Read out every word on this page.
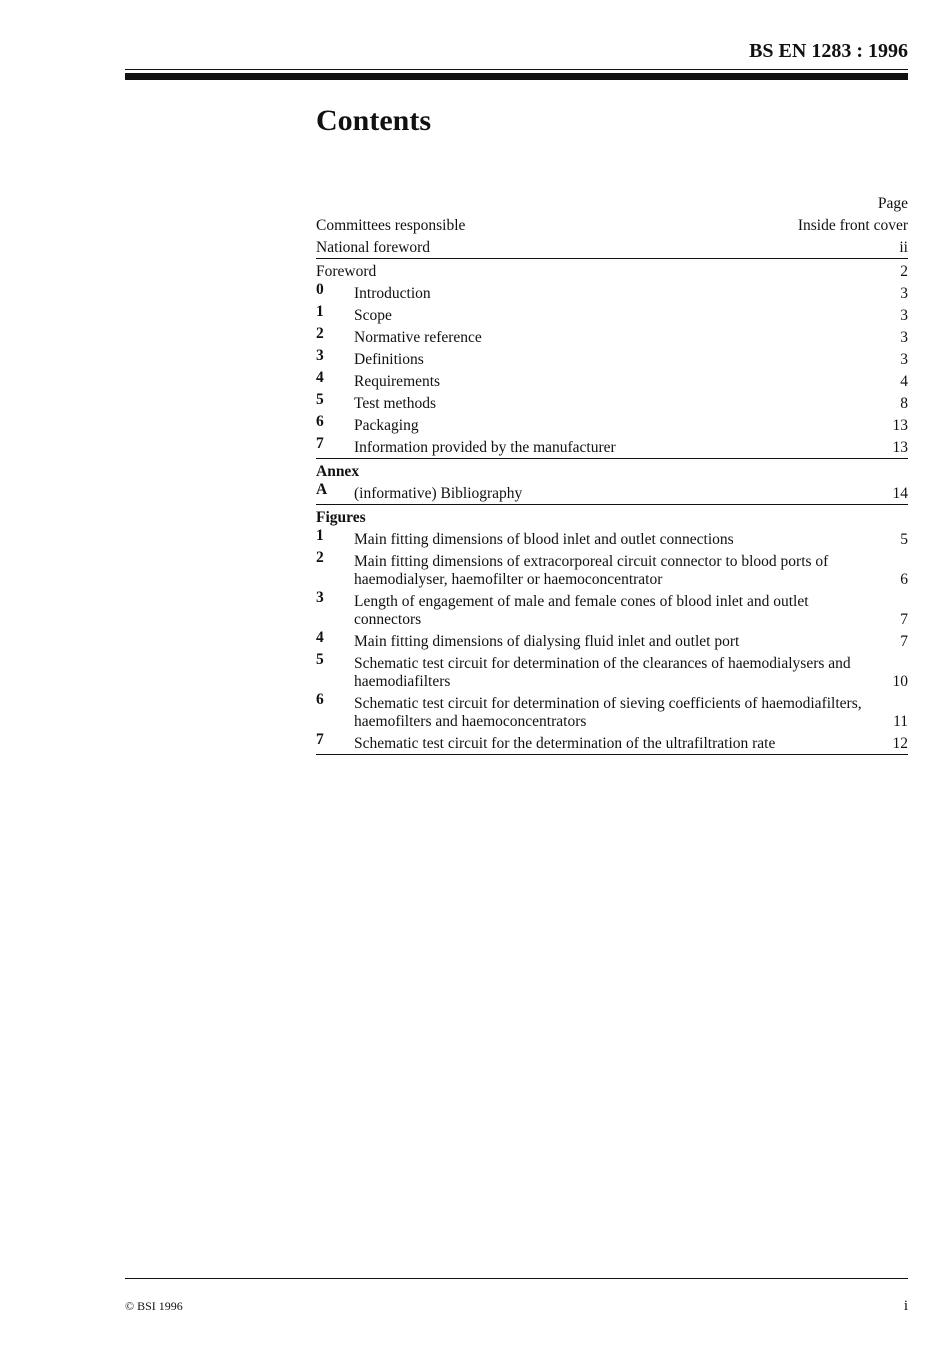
BS EN 1283 : 1996
Contents
Page
Committees responsible	Inside front cover
National foreword	ii
Foreword	2
0	Introduction	3
1	Scope	3
2	Normative reference	3
3	Definitions	3
4	Requirements	4
5	Test methods	8
6	Packaging	13
7	Information provided by the manufacturer	13
Annex
A	(informative) Bibliography	14
Figures
1	Main fitting dimensions of blood inlet and outlet connections	5
2	Main fitting dimensions of extracorporeal circuit connector to blood ports of haemodialyser, haemofilter or haemoconcentrator	6
3	Length of engagement of male and female cones of blood inlet and outlet connectors	7
4	Main fitting dimensions of dialysing fluid inlet and outlet port	7
5	Schematic test circuit for determination of the clearances of haemodialysers and haemodiafilters	10
6	Schematic test circuit for determination of sieving coefficients of haemodiafilters, haemofilters and haemoconcentrators	11
7	Schematic test circuit for the determination of the ultrafiltration rate	12
© BSI 1996	i
